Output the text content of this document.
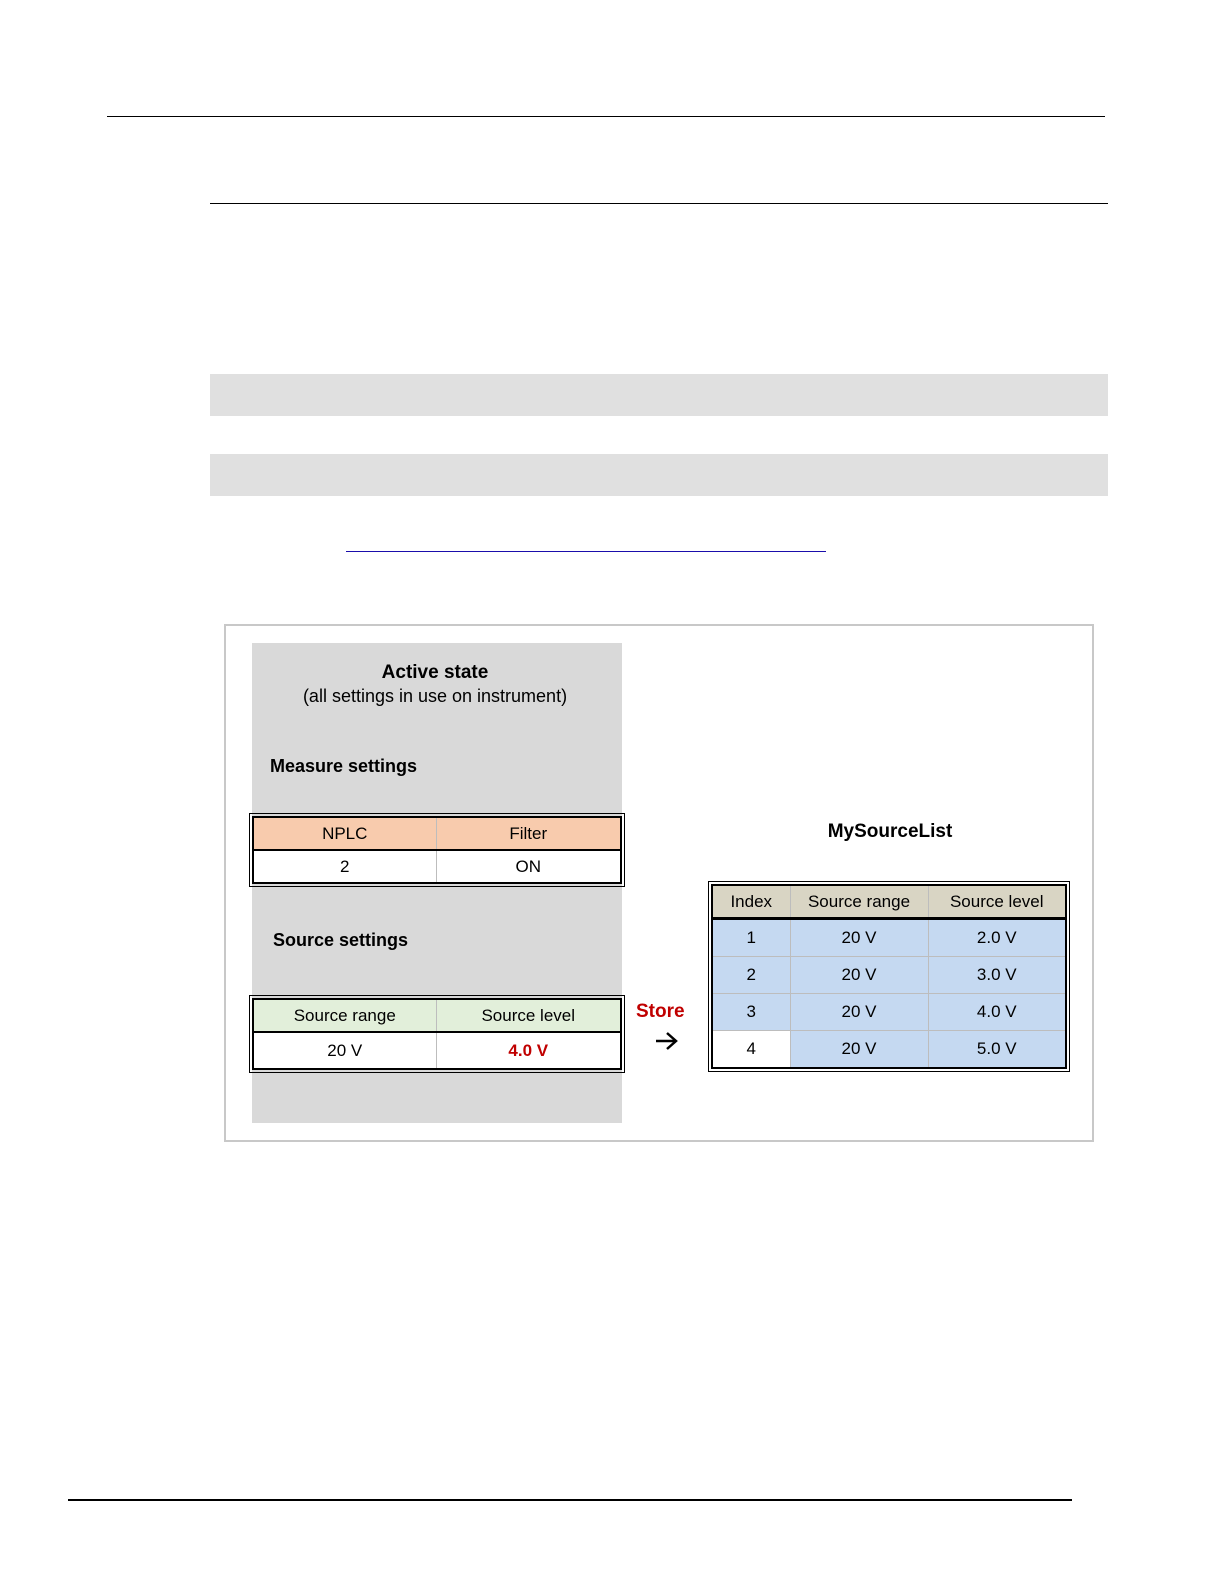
Active state
(all settings in use on instrument)
Measure settings
NPLC	Filter
2	ON
Source settings
Source range	Source level
20 V	4.0 V
Store
MySourceList
Index	Source range	Source level
1	20 V	2.0 V
2	20 V	3.0 V
3	20 V	4.0 V
4	20 V	5.0 V
